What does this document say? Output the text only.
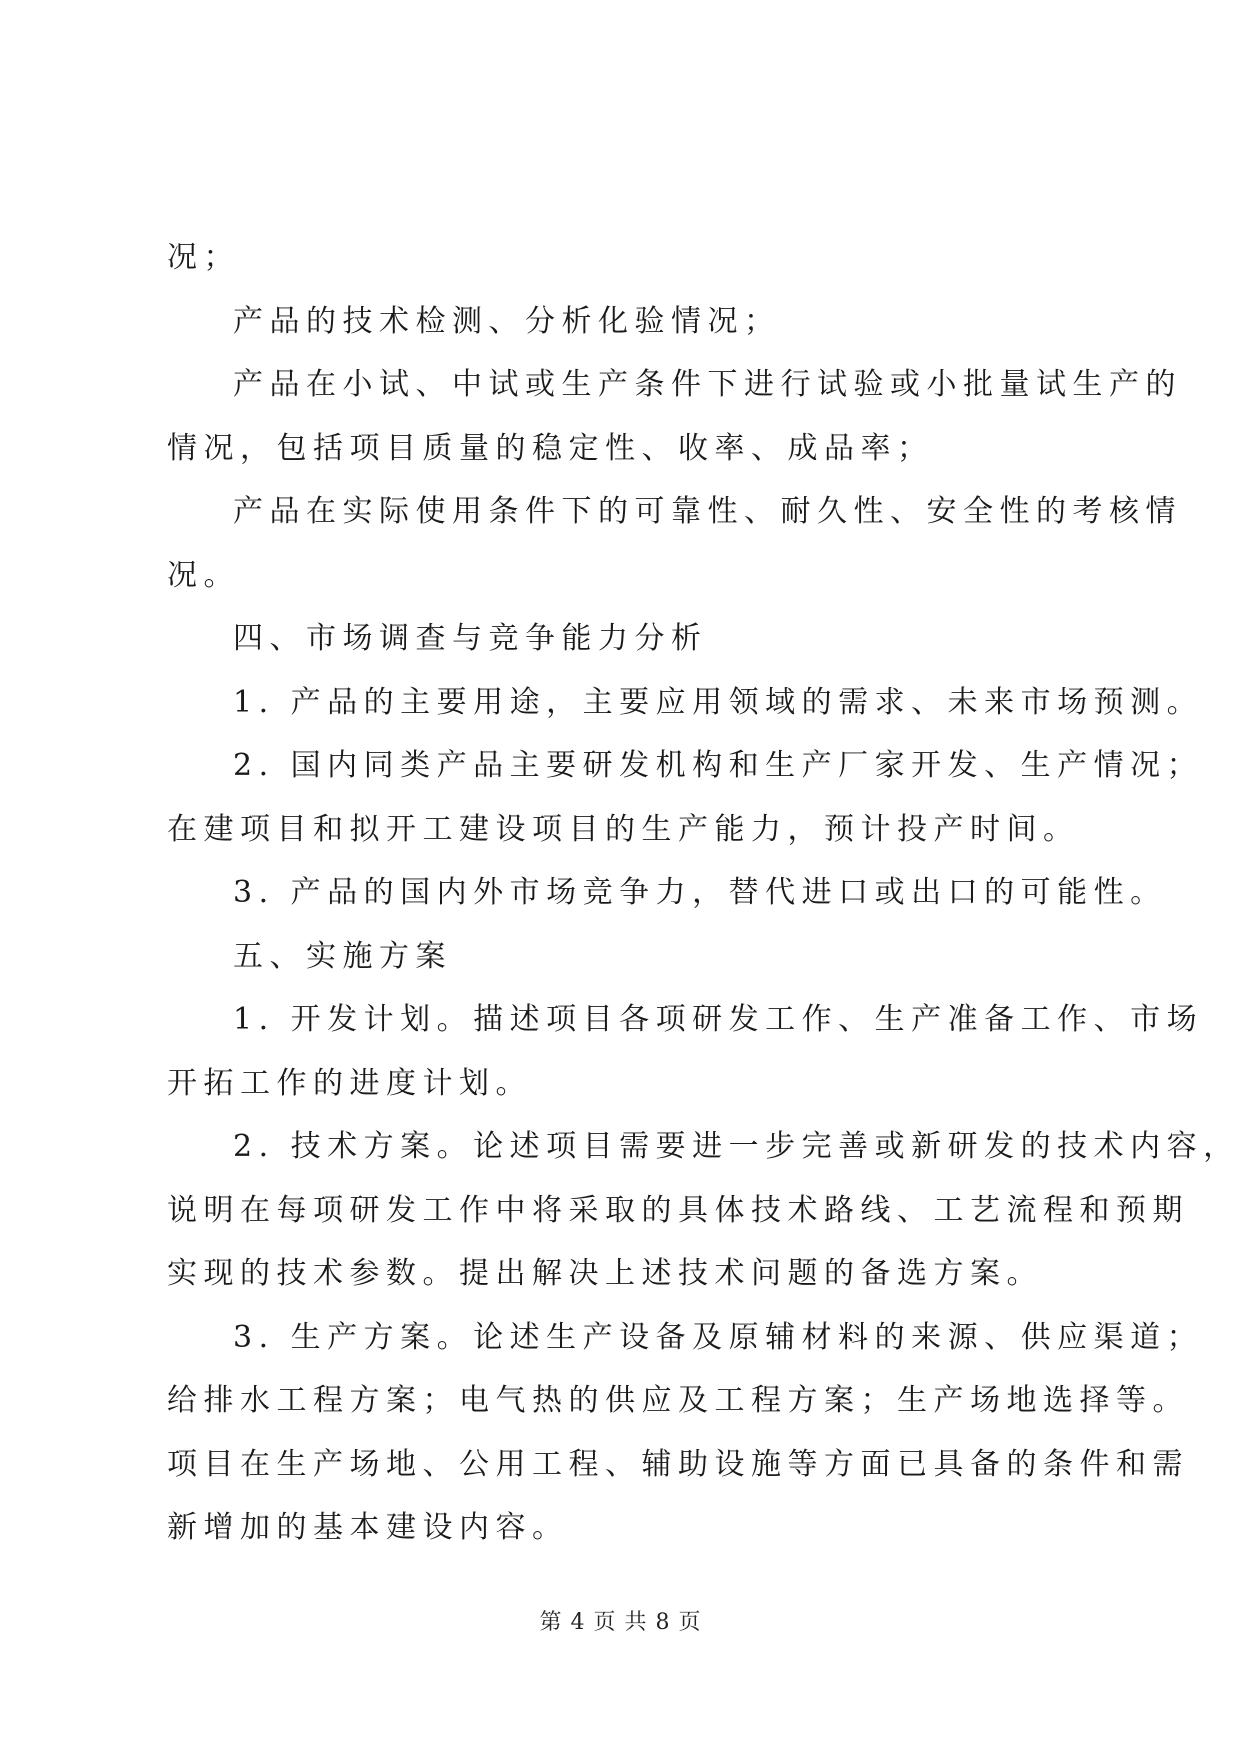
况；
产品的技术检测、分析化验情况；
产品在小试、中试或生产条件下进行试验或小批量试生产的
情况，包括项目质量的稳定性、收率、成品率；
产品在实际使用条件下的可靠性、耐久性、安全性的考核情
况。
四、市场调查与竞争能力分析
1. 产品的主要用途，主要应用领域的需求、未来市场预测。
2. 国内同类产品主要研发机构和生产厂家开发、生产情况；
在建项目和拟开工建设项目的生产能力，预计投产时间。
3. 产品的国内外市场竞争力，替代进口或出口的可能性。
五、实施方案
1. 开发计划。描述项目各项研发工作、生产准备工作、市场
开拓工作的进度计划。
2. 技术方案。论述项目需要进一步完善或新研发的技术内容，
说明在每项研发工作中将采取的具体技术路线、工艺流程和预期
实现的技术参数。提出解决上述技术问题的备选方案。
3. 生产方案。论述生产设备及原辅材料的来源、供应渠道；
给排水工程方案；电气热的供应及工程方案；生产场地选择等。
项目在生产场地、公用工程、辅助设施等方面已具备的条件和需
新增加的基本建设内容。
第 4 页 共 8 页
